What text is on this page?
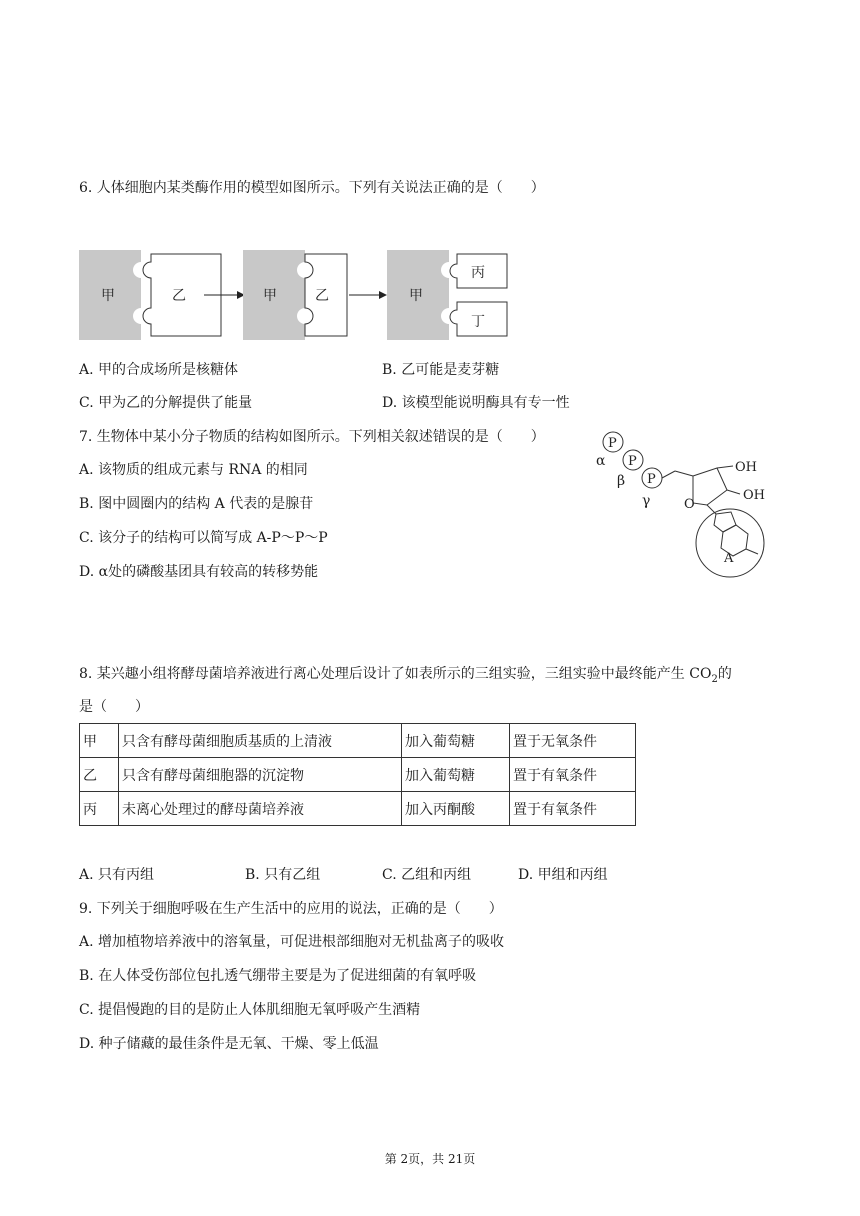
6. 人体细胞内某类酶作用的模型如图所示。下列有关说法正确的是（　　）
甲	乙	甲	乙	甲
丙
丁
A. 甲的合成场所是核糖体	B. 乙可能是麦芽糖
C. 甲为乙的分解提供了能量	D. 该模型能说明酶具有专一性
7. 生物体中某小分子物质的结构如图所示。下列相关叙述错误的是（　　）
A. 该物质的组成元素与 RNA 的相同
B. 图中圆圈内的结构 A 代表的是腺苷
C. 该分子的结构可以简写成 A-P～P～P
D. α处的磷酸基团具有较高的转移势能
P
P
P
α
β
γ
OH
OH
O
A
8. 某兴趣小组将酵母菌培养液进行离心处理后设计了如表所示的三组实验，三组实验中最终能产生 $CO_2$的
是（　　）
甲	只含有酵母菌细胞质基质的上清液	加入葡萄糖	置于无氧条件
乙	只含有酵母菌细胞器的沉淀物	加入葡萄糖	置于有氧条件
丙	未离心处理过的酵母菌培养液	加入丙酮酸	置于有氧条件
A. 只有丙组	B. 只有乙组	C. 乙组和丙组	D. 甲组和丙组
9. 下列关于细胞呼吸在生产生活中的应用的说法，正确的是（　　）
A. 增加植物培养液中的溶氧量，可促进根部细胞对无机盐离子的吸收
B. 在人体受伤部位包扎透气绷带主要是为了促进细菌的有氧呼吸
C. 提倡慢跑的目的是防止人体肌细胞无氧呼吸产生酒精
D. 种子储藏的最佳条件是无氧、干燥、零上低温
第 2页，共 21页
